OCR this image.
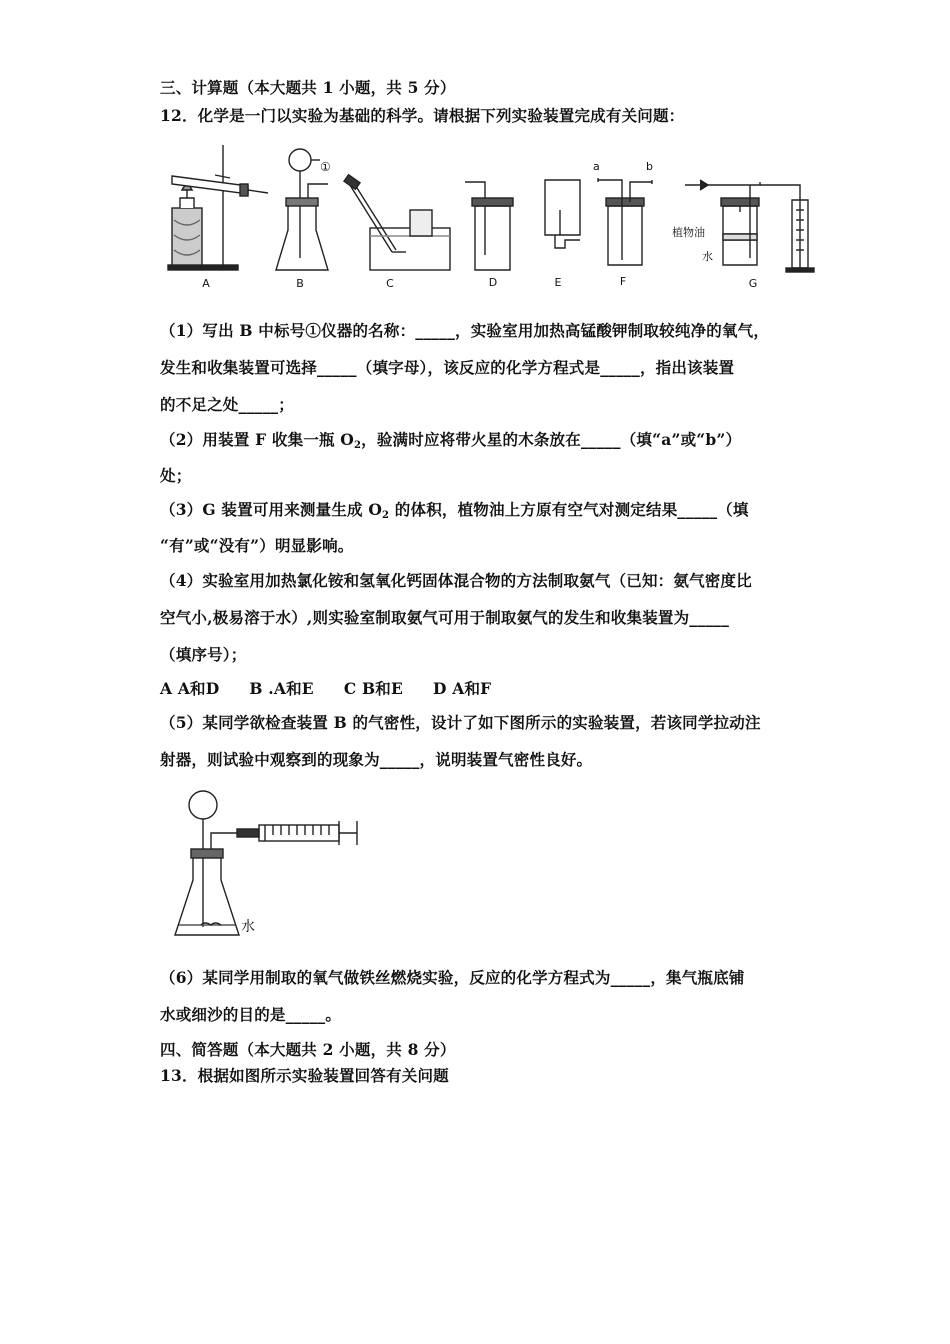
三、计算题（本大题共 1 小题，共 5 分）
12．化学是一门以实验为基础的科学。请根据下列实验装置完成有关问题：
①	a	b
植物油
水
A	B	C	D	E	F	G
（1）写出 B 中标号①仪器的名称：_____，实验室用加热高锰酸钾制取较纯净的氧气，
发生和收集装置可选择_____（填字母），该反应的化学方程式是_____，指出该装置
的不足之处_____；
（2）用装置 F 收集一瓶 $O_2$，验满时应将带火星的木条放在_____（填“a”或“b”）
处；
（3）G 装置可用来测量生成 $O_2$ 的体积，植物油上方原有空气对测定结果_____（填
“有”或“没有”）明显影响。
（4）实验室用加热氯化铵和氢氧化钙固体混合物的方法制取氨气（已知：氨气密度比
空气小,极易溶于水）,则实验室制取氨气可用于制取氨气的发生和收集装置为_____
（填序号）；
A A和D B .A和E C B和E D A和F
（5）某同学欲检查装置 B 的气密性，设计了如下图所示的实验装置，若该同学拉动注
射器，则试验中观察到的现象为_____，说明装置气密性良好。
水
（6）某同学用制取的氧气做铁丝燃烧实验，反应的化学方程式为_____，集气瓶底铺
水或细沙的目的是_____。
四、简答题（本大题共 2 小题，共 8 分）
13．根据如图所示实验装置回答有关问题
